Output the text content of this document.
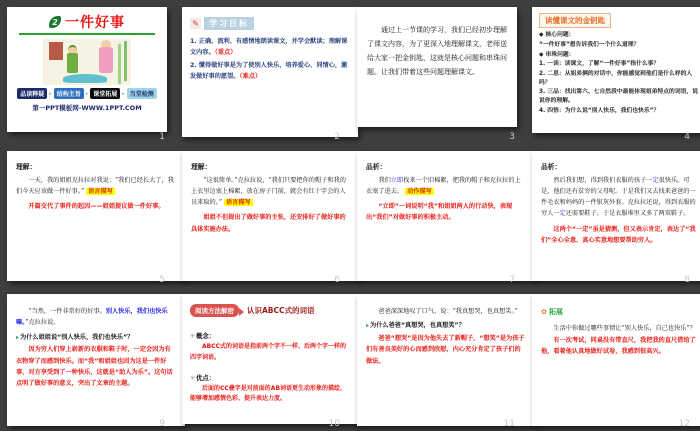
2 一件好事
品读释疑	▸ 结构主旨	▸ 课堂拓展	▸ 当堂检测
第一PPT模板网-WWW.1PPT.COM
1
✎	学习目标

1. 正确、流利、有感情地朗读课文，并学会默读；理解课文内容。（重点）

2. 懂得做好事是为了使别人快乐，培养爱心、同情心，激发做好事的愿望。（难点）

2
通过上一节课的学习，我们已经初步理解了课文内容，为了更深入地理解课文，老师送给大家一把金钥匙，这就是核心问题和串珠问题。让我们带着这些问题理解课文。
3
读懂课文的金钥匙

◆ 核心问题：

“一件好事”想告诉我们一个什么道理？

◆ 串珠问题：

1. 一读：读课文，了解“一件好事”指什么事？

2. 二思：从姐弟俩的对话中，你能感觉到他们是什么样的人吗？

3. 三品：找出第六、七自然段中最能体现姐弟特点的词语，说说你的理解。

4. 四悟：为什么说“别人快乐，我们也快乐”？

4
理解：
一天，我的姐姐克拉拉对我说：“我们已经长大了，我们今天应该做一件好事。” 语言描写
开篇交代了事件的起因——姐姐提议做一件好事。
5
理解：
“这很简单。”克拉拉说，“我们只要把你的帽子和我的上衣里边塞上棉絮，放在房子门前，就会有红十字会的人员来取的。” 语言描写
姐姐不但提出了做好事的主张，还安排好了做好事的具体实施办法。
6
品析：
我们立即找来一个旧棉絮，把我的帽子和克拉拉的上衣塞了进去。 动作描写
“立即”一词说明“我”和姐姐两人的行动快，表现出“我们”对做好事的积极主动。
7
品析：
然后我们想，得到我们衣服的孩子一定很快乐。可是，他们还有贫穷的父母呢。于是我们又去找来爸爸的一件毛衣和妈妈的一件银灰外套。克拉拉还说，得到衣服的穷人一定还需要鞋子。于是衣服堆里又多了两双鞋子。
这两个“一定”虽是猜测，但又表示肯定，表达了“我们”全心全意、真心实意地想要帮助穷人。
8
“当然，一件非常好的好事。别人快乐，我们也快乐嘛。”克拉拉说。
▸为什么姐姐说“别人快乐，我们也快乐”？
因为穷人们穿上崭新的衣服和鞋子时，一定会因为有衣物穿了而感到快乐。而“我”和姐姐也因为这是一件好事、对方享受到了一种快乐，这就是“助人为乐”。这句话点明了做好事的意义，突出了文章的主题。
9
阅读方法解密	认识ABCC式的词语
✳概念：

ABCC式的词语是指前两个字不一样、后两个字一样的四字词语。

✳优点：

后面的CC叠字是对前面的AB词语更生动形象的描绘，能够增加感情色彩、提升表达力度。

10
爸爸深深地叹了口气，说：“我真想哭，也真想笑。”
▸为什么爸爸“真想哭，也真想笑”？
爸爸“想哭”是因为他失去了新帽子，“想笑”是为孩子们有善良美好的心而感到欣慰，内心充分肯定了孩子们的做法。
11
✿ 拓展
生活中你做过哪些事情让“别人快乐，自己也快乐”？
有一次考试，同桌没有带直尺，我把我的直尺借给了他，看着他认真地做好试卷，我感到很高兴。
12
